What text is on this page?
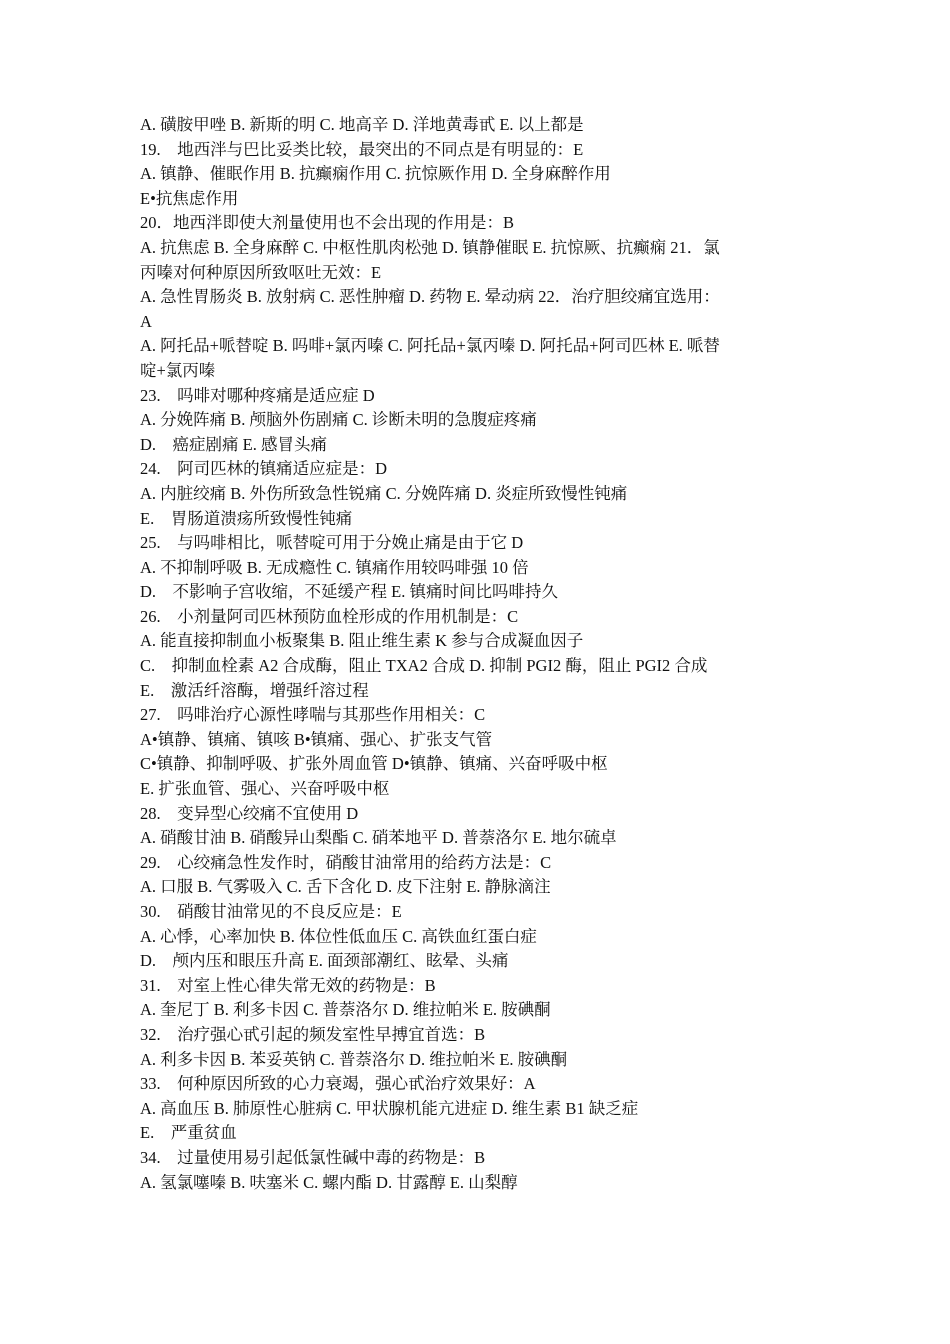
A. 磺胺甲唑 B. 新斯的明 C. 地高辛 D. 洋地黄毒甙 E. 以上都是
19.　地西泮与巴比妥类比较，最突出的不同点是有明显的：E
A. 镇静、催眠作用 B. 抗癫痫作用 C. 抗惊厥作用 D. 全身麻醉作用
E•抗焦虑作用
20．地西泮即使大剂量使用也不会出现的作用是：B
A. 抗焦虑 B. 全身麻醉 C. 中枢性肌肉松弛 D. 镇静催眠 E. 抗惊厥、抗癫痫 21．氯
丙嗪对何种原因所致呕吐无效：E
A. 急性胃肠炎 B. 放射病 C. 恶性肿瘤 D. 药物 E. 晕动病 22．治疗胆绞痛宜选用：
A
A. 阿托品+哌替啶 B. 吗啡+氯丙嗪 C. 阿托品+氯丙嗪 D. 阿托品+阿司匹林 E. 哌替
啶+氯丙嗪
23.　吗啡对哪种疼痛是适应症 D
A. 分娩阵痛 B. 颅脑外伤剧痛 C. 诊断未明的急腹症疼痛
D.　癌症剧痛 E. 感冒头痛
24.　阿司匹林的镇痛适应症是：D
A. 内脏绞痛 B. 外伤所致急性锐痛 C. 分娩阵痛 D. 炎症所致慢性钝痛
E.　胃肠道溃疡所致慢性钝痛
25.　与吗啡相比，哌替啶可用于分娩止痛是由于它 D
A. 不抑制呼吸 B. 无成瘾性 C. 镇痛作用较吗啡强 10 倍
D.　不影响子宫收缩，不延缓产程 E. 镇痛时间比吗啡持久
26.　小剂量阿司匹林预防血栓形成的作用机制是：C
A. 能直接抑制血小板聚集 B. 阻止维生素 K 参与合成凝血因子
C.　抑制血栓素 A2 合成酶，阻止 TXA2 合成 D. 抑制 PGI2 酶，阻止 PGI2 合成
E.　激活纤溶酶，增强纤溶过程
27.　吗啡治疗心源性哮喘与其那些作用相关：C
A•镇静、镇痛、镇咳 B•镇痛、强心、扩张支气管
C•镇静、抑制呼吸、扩张外周血管 D•镇静、镇痛、兴奋呼吸中枢
E. 扩张血管、强心、兴奋呼吸中枢
28.　变异型心绞痛不宜使用 D
A. 硝酸甘油 B. 硝酸异山梨酯 C. 硝苯地平 D. 普萘洛尔 E. 地尔硫卓
29.　心绞痛急性发作时，硝酸甘油常用的给药方法是：C
A. 口服 B. 气雾吸入 C. 舌下含化 D. 皮下注射 E. 静脉滴注
30.　硝酸甘油常见的不良反应是：E
A. 心悸，心率加快 B. 体位性低血压 C. 高铁血红蛋白症
D.　颅内压和眼压升高 E. 面颈部潮红、眩晕、头痛
31.　对室上性心律失常无效的药物是：B
A. 奎尼丁 B. 利多卡因 C. 普萘洛尔 D. 维拉帕米 E. 胺碘酮
32.　治疗强心甙引起的频发室性早搏宜首选：B
A. 利多卡因 B. 苯妥英钠 C. 普萘洛尔 D. 维拉帕米 E. 胺碘酮
33.　何种原因所致的心力衰竭，强心甙治疗效果好：A
A. 高血压 B. 肺原性心脏病 C. 甲状腺机能亢进症 D. 维生素 B1 缺乏症
E.　严重贫血
34.　过量使用易引起低氯性碱中毒的药物是：B
A. 氢氯噻嗪 B. 呋塞米 C. 螺内酯 D. 甘露醇 E. 山梨醇
